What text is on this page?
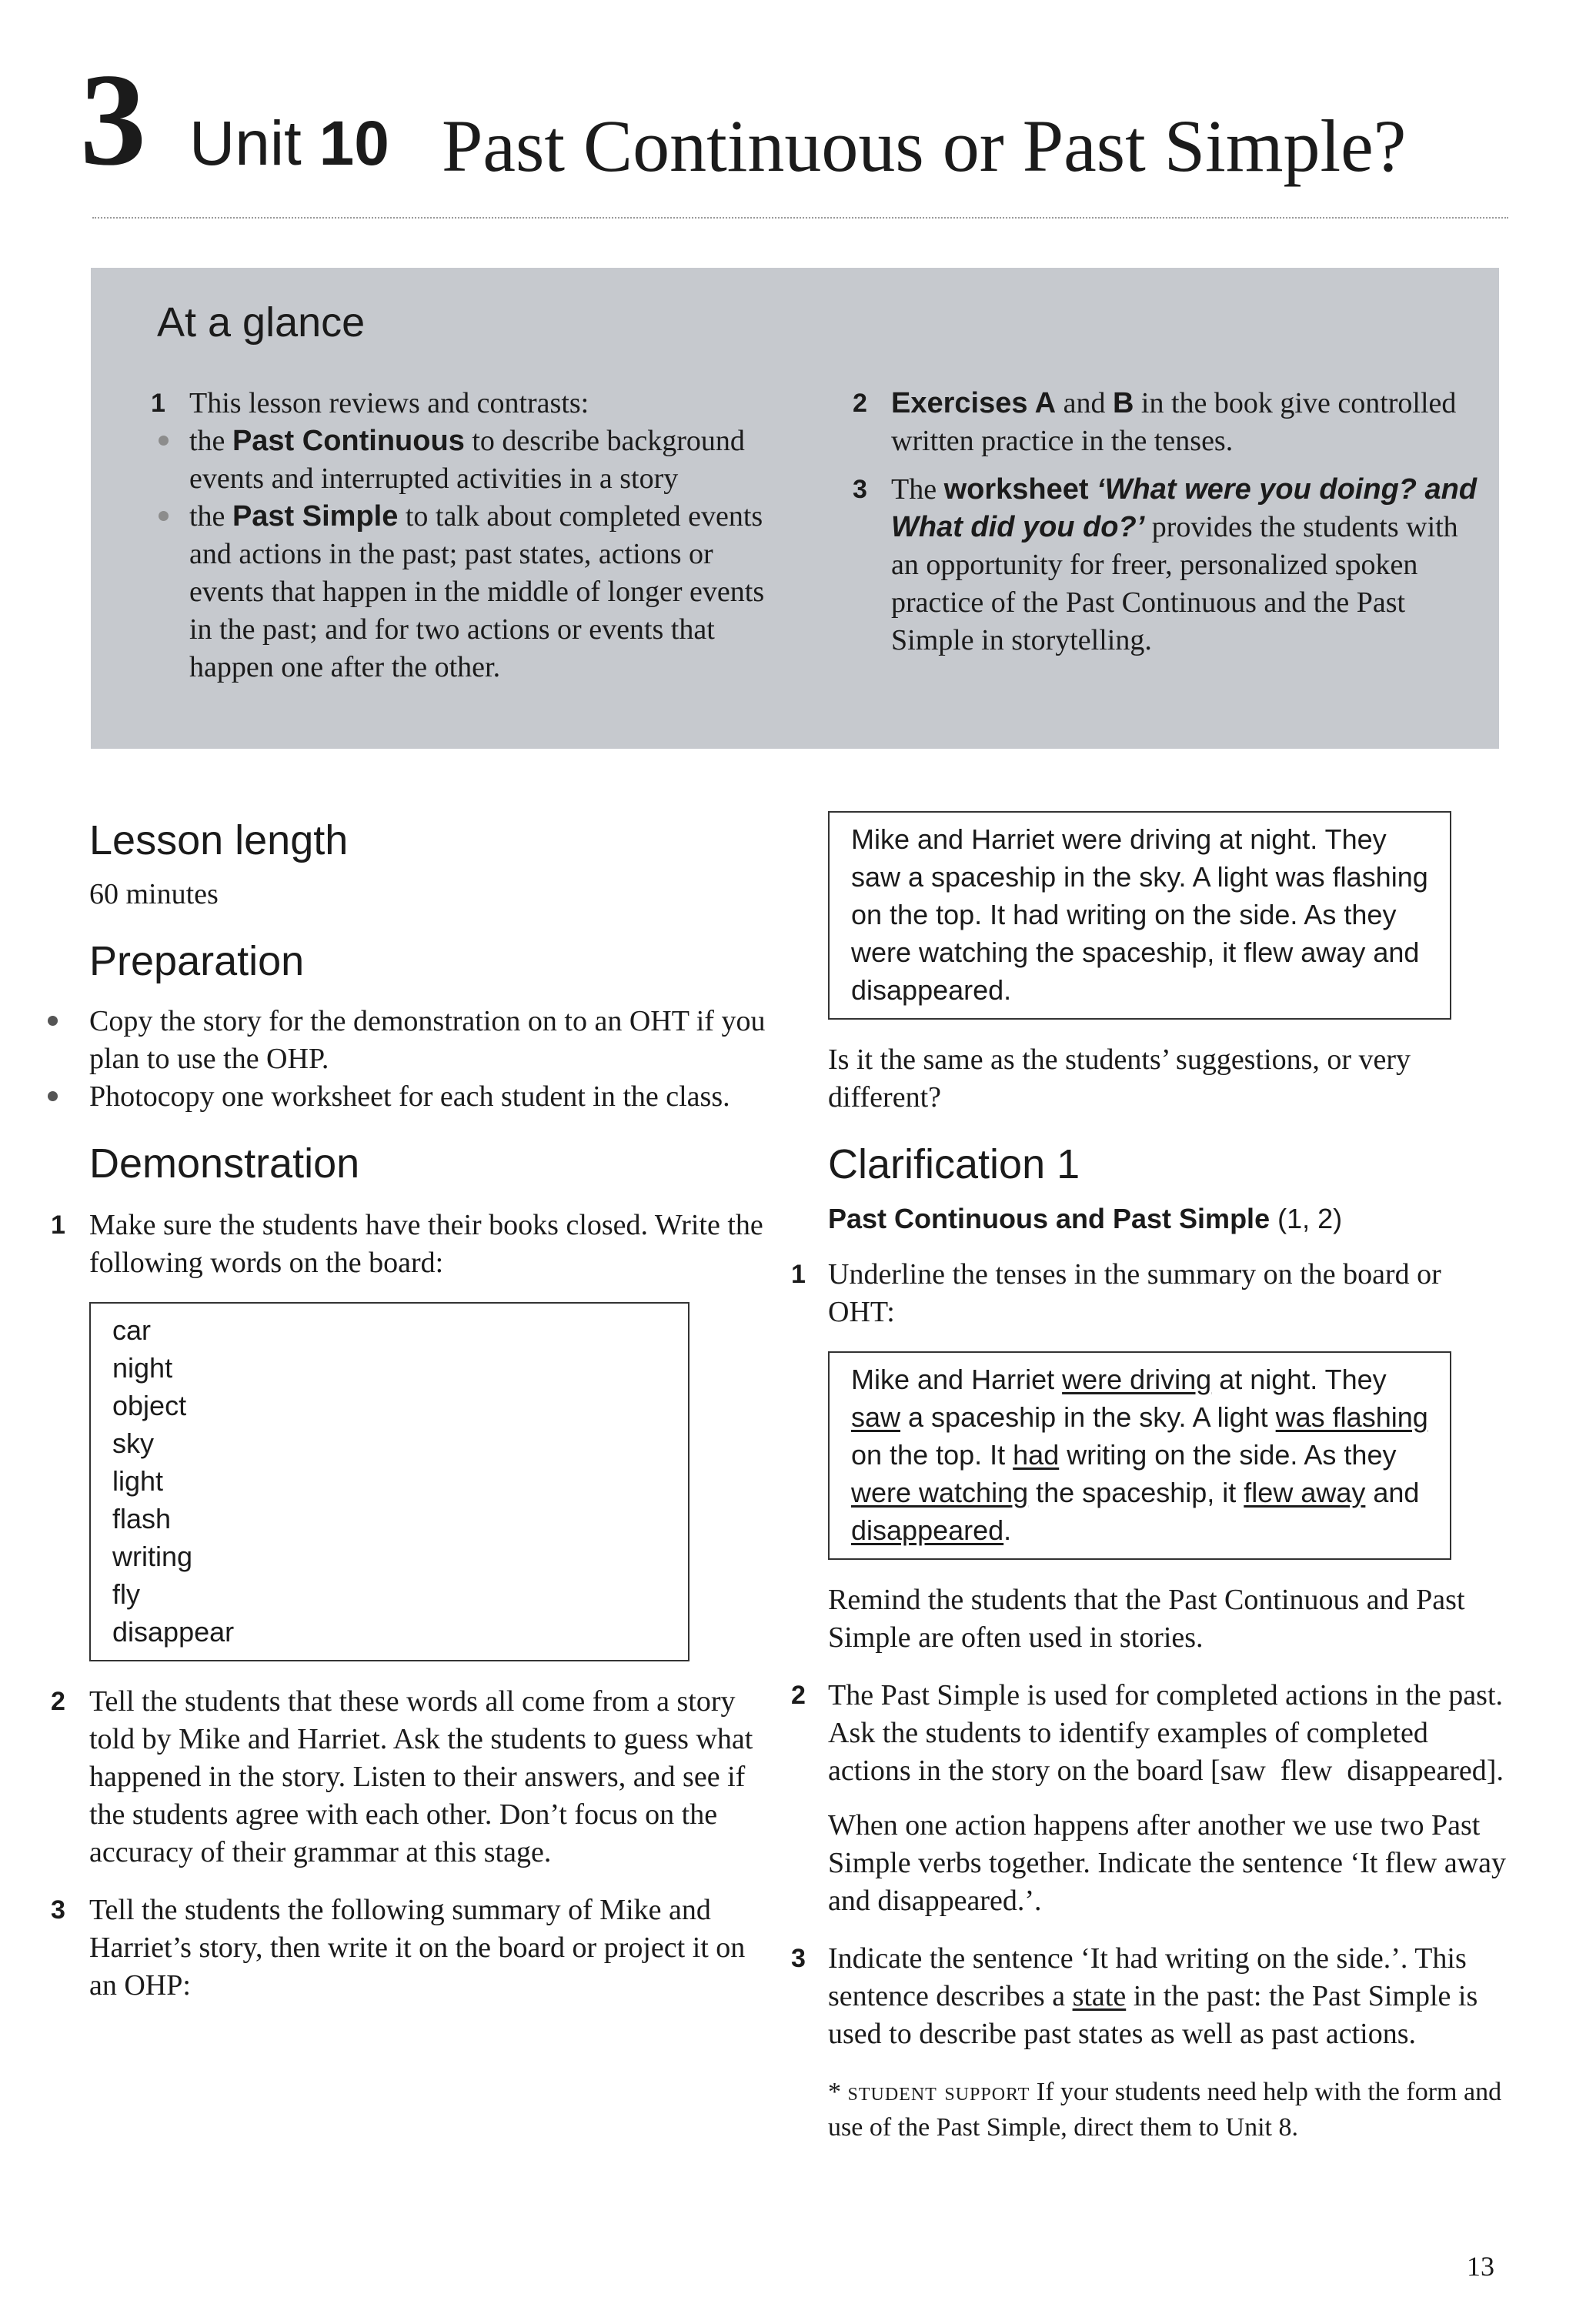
3 Unit 10 Past Continuous or Past Simple?
At a glance
1 This lesson reviews and contrasts:
the Past Continuous to describe background events and interrupted activities in a story
the Past Simple to talk about completed events and actions in the past; past states, actions or events that happen in the middle of longer events in the past; and for two actions or events that happen one after the other.
2 Exercises A and B in the book give controlled written practice in the tenses.
3 The worksheet ‘What were you doing? and What did you do?’ provides the students with an opportunity for freer, personalized spoken practice of the Past Continuous and the Past Simple in storytelling.
Lesson length

60 minutes

Preparation
Copy the story for the demonstration on to an OHT if you plan to use the OHP.
Photocopy one worksheet for each student in the class.
Demonstration
1 Make sure the students have their books closed. Write the following words on the board:
car
night
object
sky
light
flash
writing
fly
disappear
2 Tell the students that these words all come from a story told by Mike and Harriet. Ask the students to guess what happened in the story. Listen to their answers, and see if the students agree with each other. Don’t focus on the accuracy of their grammar at this stage.
3 Tell the students the following summary of Mike and Harriet’s story, then write it on the board or project it on an OHP:
Mike and Harriet were driving at night. They saw a spaceship in the sky. A light was flashing on the top. It had writing on the side. As they were watching the spaceship, it flew away and disappeared.

Is it the same as the students’ suggestions, or very different?

Clarification 1

Past Continuous and Past Simple (1, 2)

1 Underline the tenses in the summary on the board or OHT:
Mike and Harriet were driving at night. They saw a spaceship in the sky. A light was flashing on the top. It had writing on the side. As they were watching the spaceship, it flew away and disappeared.

Remind the students that the Past Continuous and Past Simple are often used in stories.

2 The Past Simple is used for completed actions in the past. Ask the students to identify examples of completed actions in the story on the board [saw  flew  disappeared].

When one action happens after another we use two Past Simple verbs together. Indicate the sentence ‘It flew away and disappeared.’.

3 Indicate the sentence ‘It had writing on the side.’. This sentence describes a state in the past: the Past Simple is used to describe past states as well as past actions.

* student support If your students need help with the form and use of the Past Simple, direct them to Unit 8.

13
